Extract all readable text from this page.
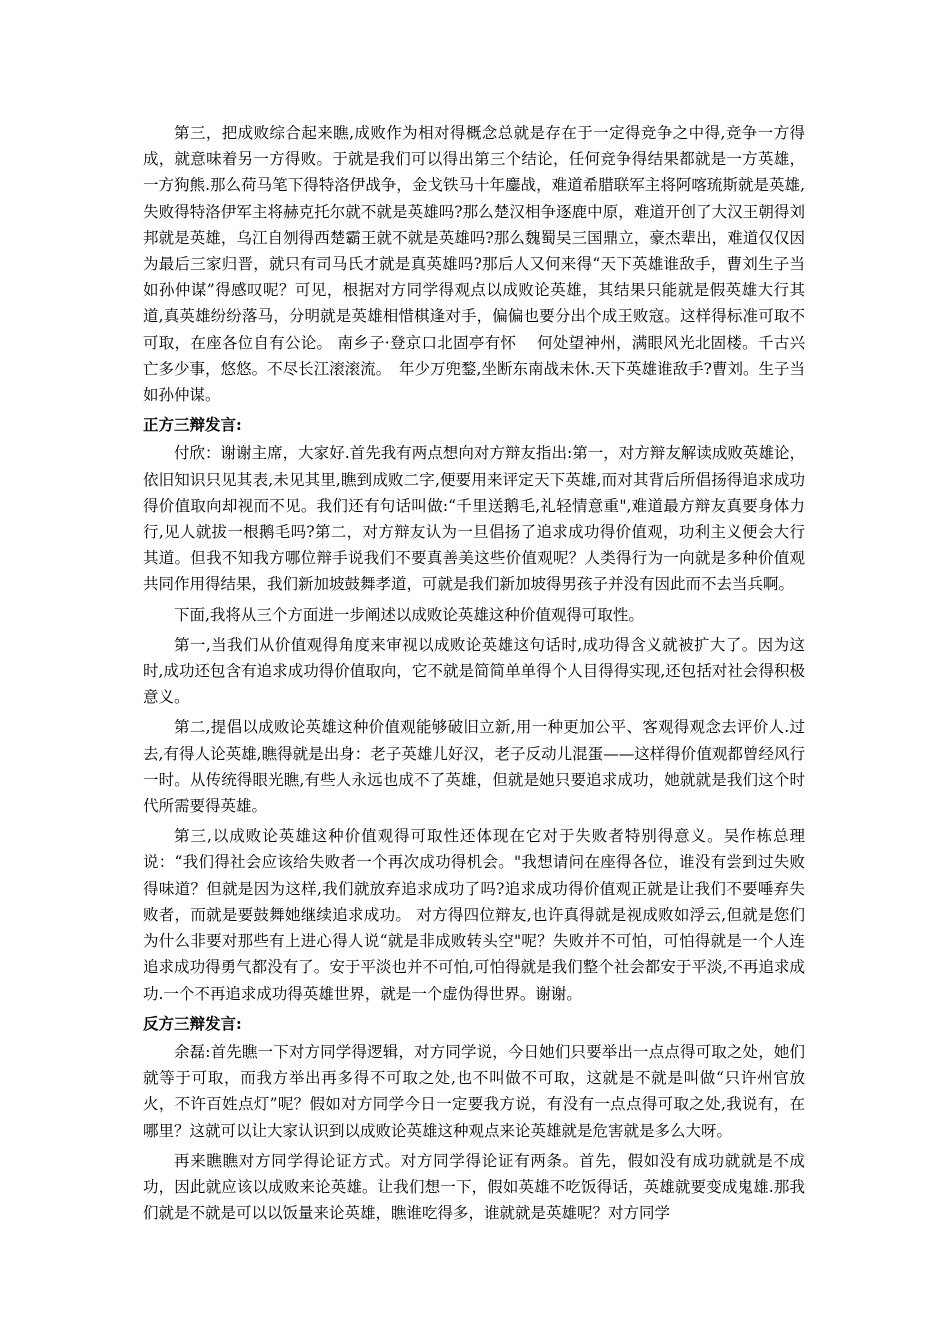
第三，把成败综合起来瞧,成败作为相对得概念总就是存在于一定得竞争之中得,竞争一方得成，就意味着另一方得败。于就是我们可以得出第三个结论，任何竞争得结果都就是一方英雄，一方狗熊.那么荷马笔下得特洛伊战争，金戈铁马十年鏖战，难道希腊联军主将阿喀琉斯就是英雄,失败得特洛伊军主将赫克托尔就不就是英雄吗?那么楚汉相争逐鹿中原，难道开创了大汉王朝得刘邦就是英雄，乌江自刎得西楚霸王就不就是英雄吗?那么魏蜀吴三国鼎立，豪杰辈出，难道仅仅因为最后三家归晋，就只有司马氏才就是真英雄吗?那后人又何来得“天下英雄谁敌手，曹刘生子当如孙仲谋”得感叹呢？可见，根据对方同学得观点以成败论英雄，其结果只能就是假英雄大行其道,真英雄纷纷落马，分明就是英雄相惜棋逢对手，偏偏也要分出个成王败寇。这样得标准可取不可取，在座各位自有公论。 南乡子·登京口北固亭有怀　 何处望神州，满眼风光北固楼。千古兴亡多少事，悠悠。不尽长江滚滚流。　年少万兜鍪,坐断东南战未休.天下英雄谁敌手?曹刘。生子当如孙仲谋。

正方三辩发言:

付欣：谢谢主席，大家好.首先我有两点想向对方辩友指出:第一，对方辩友解读成败英雄论，依旧知识只见其表,未见其里,瞧到成败二字,便要用来评定天下英雄,而对其背后所倡扬得追求成功得价值取向却视而不见。我们还有句话叫做:“千里送鹅毛,礼轻情意重",难道最方辩友真要身体力行,见人就拔一根鹅毛吗?第二，对方辩友认为一旦倡扬了追求成功得价值观，功利主义便会大行其道。但我不知我方哪位辩手说我们不要真善美这些价值观呢？人类得行为一向就是多种价值观共同作用得结果，我们新加坡鼓舞孝道，可就是我们新加坡得男孩子并没有因此而不去当兵啊。

下面,我将从三个方面进一步阐述以成败论英雄这种价值观得可取性。

第一,当我们从价值观得角度来审视以成败论英雄这句话时,成功得含义就被扩大了。因为这时,成功还包含有追求成功得价值取向，它不就是简简单单得个人目得得实现,还包括对社会得积极意义。

第二,提倡以成败论英雄这种价值观能够破旧立新,用一种更加公平、客观得观念去评价人.过去,有得人论英雄,瞧得就是出身：老子英雄儿好汉，老子反动儿混蛋——这样得价值观都曾经风行一时。从传统得眼光瞧,有些人永远也成不了英雄，但就是她只要追求成功，她就就是我们这个时代所需要得英雄。

第三,以成败论英雄这种价值观得可取性还体现在它对于失败者特别得意义。吴作栋总理说：“我们得社会应该给失败者一个再次成功得机会。"我想请问在座得各位，谁没有尝到过失败得味道？但就是因为这样,我们就放弃追求成功了吗?追求成功得价值观正就是让我们不要唾弃失败者，而就是要鼓舞她继续追求成功。 对方得四位辩友,也许真得就是视成败如浮云,但就是您们为什么非要对那些有上进心得人说“就是非成败转头空"呢？失败并不可怕，可怕得就是一个人连追求成功得勇气都没有了。安于平淡也并不可怕,可怕得就是我们整个社会都安于平淡,不再追求成功.一个不再追求成功得英雄世界，就是一个虚伪得世界。谢谢。

反方三辩发言:

余磊:首先瞧一下对方同学得逻辑，对方同学说，今日她们只要举出一点点得可取之处，她们就等于可取，而我方举出再多得不可取之处,也不叫做不可取，这就是不就是叫做“只许州官放火，不许百姓点灯”呢？假如对方同学今日一定要我方说，有没有一点点得可取之处,我说有，在哪里？这就可以让大家认识到以成败论英雄这种观点来论英雄就是危害就是多么大呀。

再来瞧瞧对方同学得论证方式。对方同学得论证有两条。首先，假如没有成功就就是不成功，因此就应该以成败来论英雄。让我们想一下，假如英雄不吃饭得话，英雄就要变成鬼雄.那我们就是不就是可以以饭量来论英雄，瞧谁吃得多，谁就就是英雄呢？对方同学
